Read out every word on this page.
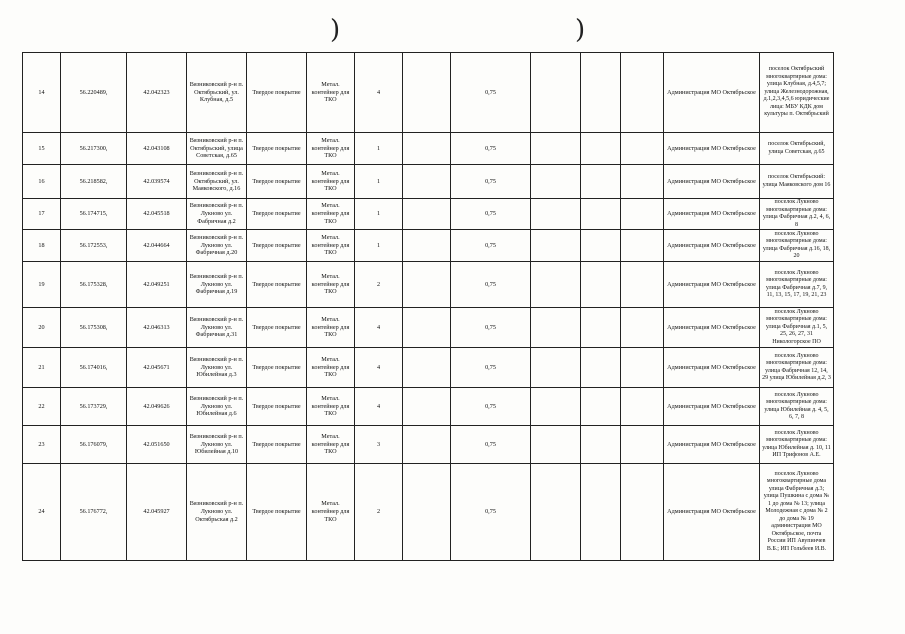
)	)
14	56.220489,	42.042323	Вязниковский р-н п. Октябрьский, ул. Клубная, д.5	Твердое покрытие	Метал. контейнер для ТКО	4		0,75				Администрация МО Октябрьское	поселок Октябрьский многоквартирные дома: улица Клубная, д.4,5,7; улица Железнодорожная, д.1,2,3,4,5,6 юридические лица: МБУ КДК дом культуры п. Октябрьский
15	56.217300,	42.043108	Вязниковский р-н п. Октябрьский, улица Советская, д.65	Твердое покрытие	Метал. контейнер для ТКО	1		0,75				Администрация МО Октябрьское	поселок Октябрьский, улица Советская, д.65
16	56.218582,	42.039574	Вязниковский р-н п. Октябрьский, ул. Маяковского, д.16	Твердое покрытие	Метал. контейнер для ТКО	1		0,75				Администрация МО Октябрьское	поселок Октябрьский: улица Маяковского дом 16
17	56.174715,	42.045518	Вязниковский р-н п. Лукново ул. Фабричная д.2	Твердое покрытие	Метал. контейнер для ТКО	1		0,75				Администрация МО Октябрьское	поселок Лукново многоквартирные дома: улица Фабричная д.2, 4, 6, 8
18	56.172553,	42.044664	Вязниковский р-н п. Лукново ул. Фабричная д.20	Твердое покрытие	Метал. контейнер для ТКО	1		0,75				Администрация МО Октябрьское	поселок Лукново многоквартирные дома: улица Фабричная д.16, 18, 20
19	56.175328,	42.049251	Вязниковский р-н п. Лукново ул. Фабричная д.19	Твердое покрытие	Метал. контейнер для ТКО	2		0,75				Администрация МО Октябрьское	поселок Лукново многоквартирные дома: улица Фабричная д.7, 9, 11, 13, 15, 17, 19, 21, 23
20	56.175308,	42.046313	Вязниковский р-н п. Лукново ул. Фабричная д.31	Твердое покрытие	Метал. контейнер для ТКО	4		0,75				Администрация МО Октябрьское	поселок Лукново многоквартирные дома: улица Фабричная д.1, 5, 25, 26, 27, 31 Никологорское ПО
21	56.174016,	42.045671	Вязниковский р-н п. Лукново ул. Юбилейная д.3	Твердое покрытие	Метал. контейнер для ТКО	4		0,75				Администрация МО Октябрьское	поселок Лукново многоквартирные дома: улица Фабричная 12, 14, 29 улица Юбилейная д.2, 3
22	56.173729,	42.049626	Вязниковский р-н п. Лукново ул. Юбилейная д.6	Твердое покрытие	Метал. контейнер для ТКО	4		0,75				Администрация МО Октябрьское	поселок Лукново многоквартирные дома: улица Юбилейная д. 4, 5, 6, 7, 8
23	56.176079,	42.051650	Вязниковский р-н п. Лукново ул. Юбилейная д.10	Твердое покрытие	Метал. контейнер для ТКО	3		0,75				Администрация МО Октябрьское	поселок Лукново многоквартирные дома: улица Юбилейная д. 10, 11 ИП Трифонов А.Е.
24	56.176772,	42.045927	Вязниковский р-н п. Лукново ул. Октябрьская д.2	Твердое покрытие	Метал. контейнер для ТКО	2		0,75				Администрация МО Октябрьское	поселок Лукново многоквартирные дома улица Фабричная д.3; улица Пушкина с дома № 1 до дома № 13; улица Молодежная с дома № 2 до дома № 19 администрация МО Октябрьское, почта России ИП Авупинчев В.Б.; ИП Гольбеев И.В.
